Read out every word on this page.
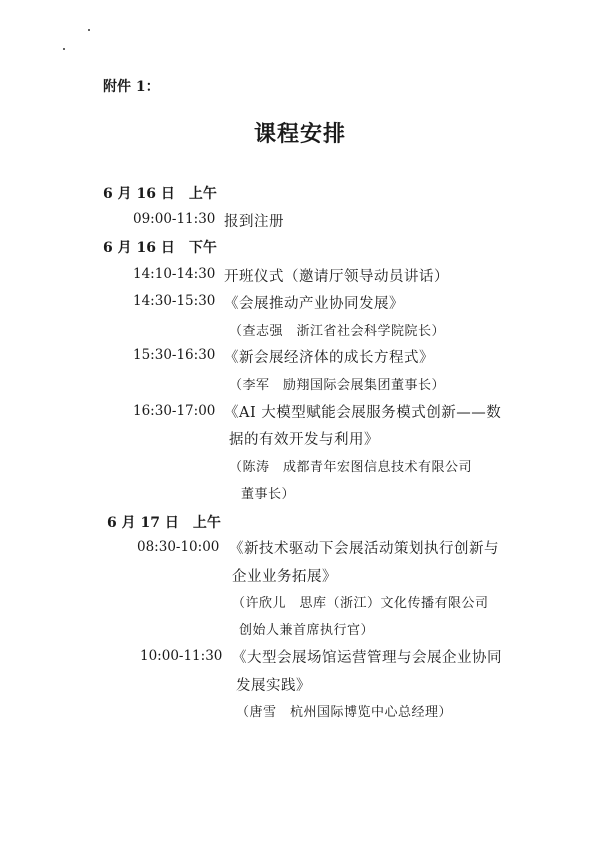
附件 1：
课程安排
6 月 16 日 上午
09:00-11:30 报到注册
6 月 16 日 下午
14:10-14:30 开班仪式（邀请厅领导动员讲话）
14:30-15:30 《会展推动产业协同发展》
（查志强　浙江省社会科学院院长）
15:30-16:30 《新会展经济体的成长方程式》
（李军　励翔国际会展集团董事长）
16:30-17:00 《AI 大模型赋能会展服务模式创新——数
据的有效开发与利用》
（陈涛　成都青年宏图信息技术有限公司
董事长）
6 月 17 日 上午
08:30-10:00 《新技术驱动下会展活动策划执行创新与
企业业务拓展》
（许欣儿　思库（浙江）文化传播有限公司
创始人兼首席执行官）
10:00-11:30 《大型会展场馆运营管理与会展企业协同
发展实践》
（唐雪　杭州国际博览中心总经理）
